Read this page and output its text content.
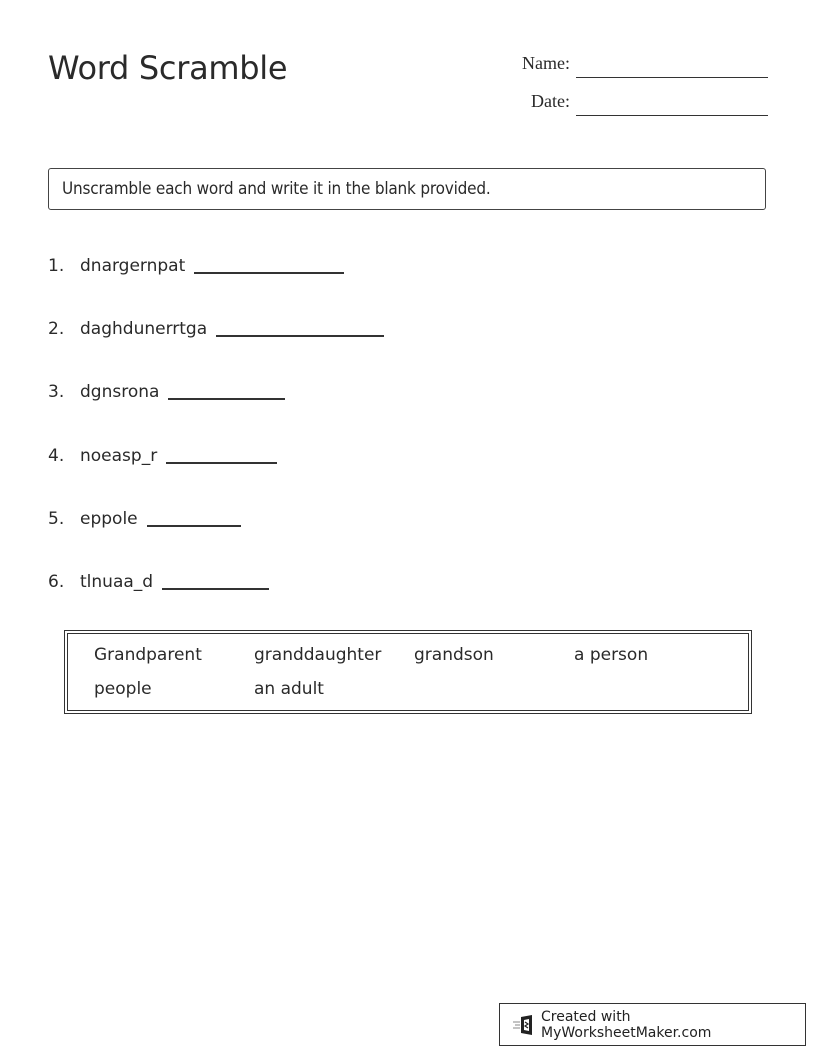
Word Scramble	Name:
Date:
Unscramble each word and write it in the blank provided.
1. dnargernpat
2. daghdunerrtga
3. dgnsrona
4. noeasp_r
5. eppole
6. tlnuaa_d
Grandparent	granddaughter grandson	a person
people	an adult
Created with MyWorksheetMaker.com
